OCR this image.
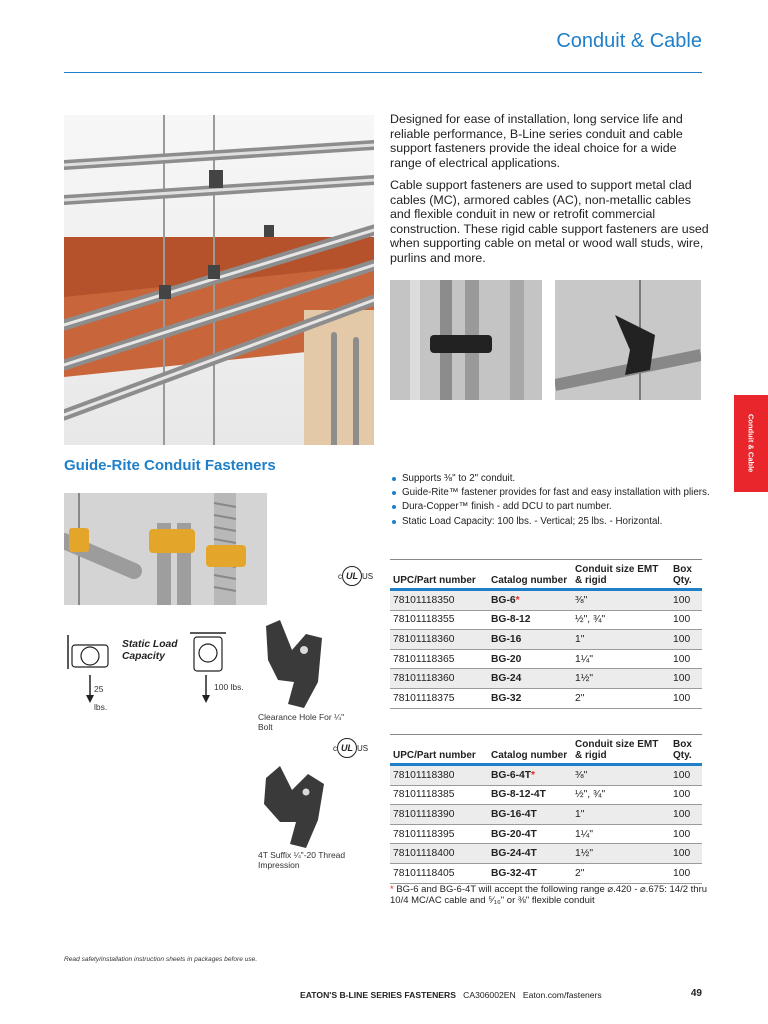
Conduit & Cable
Designed for ease of installation, long service life and reliable performance, B-Line series conduit and cable support fasteners provide the ideal choice for a wide range of electrical applications.
Cable support fasteners are used to support metal clad cables (MC), armored cables (AC), non-metallic cables and flexible conduit in new or retrofit commercial construction. These rigid cable support fasteners are used when supporting cable on metal or wood wall studs, wire, purlins and more.
Conduit & Cable
Guide-Rite Conduit Fasteners
25 lbs.
Static Load Capacity
100 lbs.
Clearance Hole For ¼" Bolt
4T Suffix ¼"-20 Thread Impression
Supports ⅜" to 2" conduit.
Guide-Rite™ fastener provides for fast and easy installation with pliers.
Dura-Copper™ finish - add DCU to part number.
Static Load Capacity: 100 lbs. - Vertical; 25 lbs. - Horizontal.
c UL US
c UL US
UPC/Part number	Catalog number	Conduit size EMT & rigid	Box Qty.
78101118350	BG-6*	⅜"	100
78101118355	BG-8-12	½", ¾"	100
78101118360	BG-16	1"	100
78101118365	BG-20	1¼"	100
78101118360	BG-24	1½"	100
78101118375	BG-32	2"	100
UPC/Part number	Catalog number	Conduit size EMT & rigid	Box Qty.
78101118380	BG-6-4T*	⅜"	100
78101118385	BG-8-12-4T	½", ¾"	100
78101118390	BG-16-4T	1"	100
78101118395	BG-20-4T	1¼"	100
78101118400	BG-24-4T	1½"	100
78101118405	BG-32-4T	2"	100
* BG-6 and BG-6-4T will accept the following range ⌀.420 - ⌀.675: 14/2 thru 10/4 MC/AC cable and ⁵⁄₁₆" or ⅜" flexible conduit
Read safety/installation instruction sheets in packages before use.
EATON'S B-LINE SERIES FASTENERS CA306002EN Eaton.com/fasteners	49
